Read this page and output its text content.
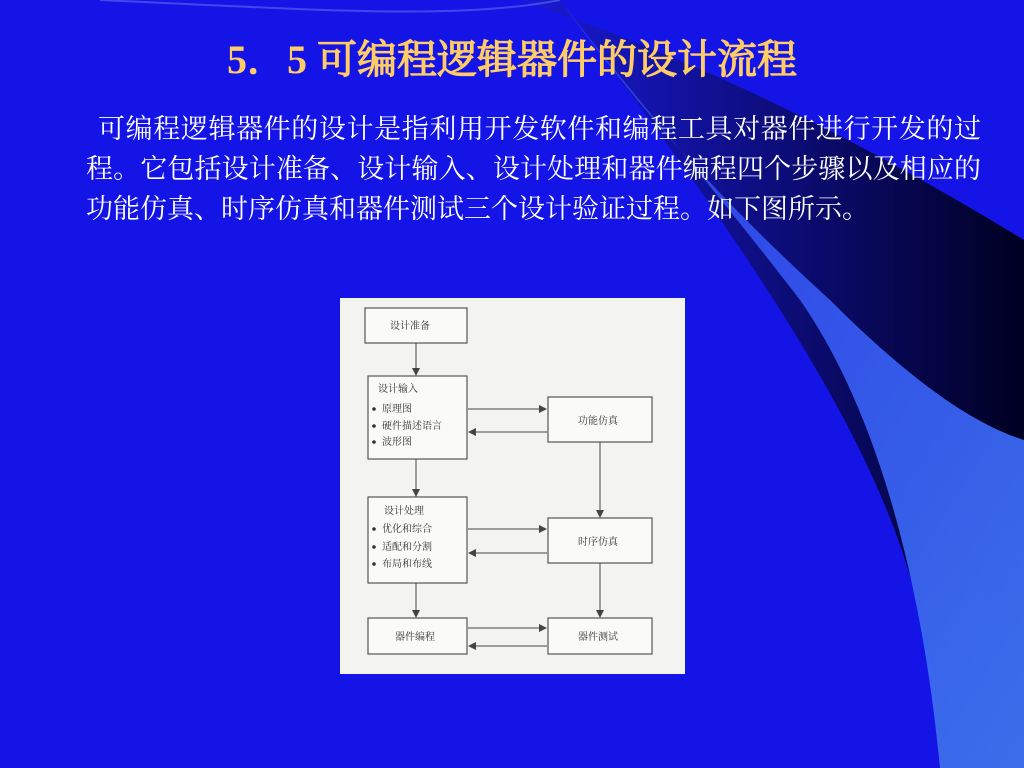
5．5 可编程逻辑器件的设计流程

可编程逻辑器件的设计是指利用开发软件和编程工具对器件进行开发的过程。它包括设计准备、设计输入、设计处理和器件编程四个步骤以及相应的功能仿真、时序仿真和器件测试三个设计验证过程。如下图所示。

设计准备
设计输入
原理图
硬件描述语言
波形图
设计处理
优化和综合
适配和分割
布局和布线
器件编程
功能仿真
时序仿真
器件测试
